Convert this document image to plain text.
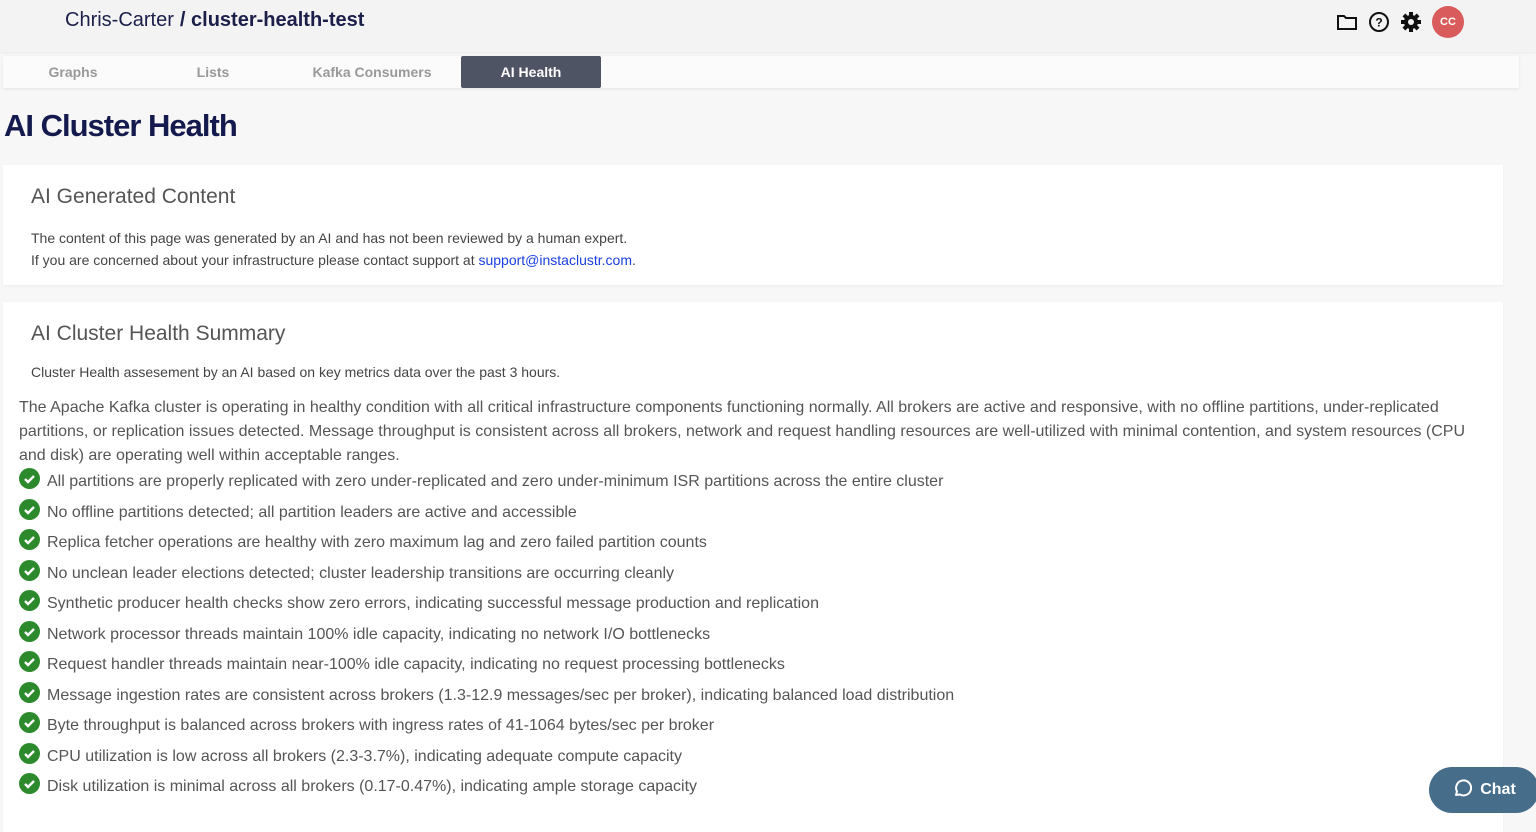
Chris-Carter / cluster-health-test	?	CC
Graphs	Lists	Kafka Consumers	AI Health
AI Cluster Health
AI Generated Content

The content of this page was generated by an AI and has not been reviewed by a human expert.

If you are concerned about your infrastructure please contact support at support@instaclustr.com.

AI Cluster Health Summary
Cluster Health assesement by an AI based on key metrics data over the past 3 hours.
The Apache Kafka cluster is operating in healthy condition with all critical infrastructure components functioning normally. All brokers are active and responsive, with no offline partitions, under-replicated partitions, or replication issues detected. Message throughput is consistent across all brokers, network and request handling resources are well-utilized with minimal contention, and system resources (CPU and disk) are operating well within acceptable ranges.
All partitions are properly replicated with zero under-replicated and zero under-minimum ISR partitions across the entire cluster
No offline partitions detected; all partition leaders are active and accessible
Replica fetcher operations are healthy with zero maximum lag and zero failed partition counts
No unclean leader elections detected; cluster leadership transitions are occurring cleanly
Synthetic producer health checks show zero errors, indicating successful message production and replication
Network processor threads maintain 100% idle capacity, indicating no network I/O bottlenecks
Request handler threads maintain near-100% idle capacity, indicating no request processing bottlenecks
Message ingestion rates are consistent across brokers (1.3-12.9 messages/sec per broker), indicating balanced load distribution
Byte throughput is balanced across brokers with ingress rates of 41-1064 bytes/sec per broker
CPU utilization is low across all brokers (2.3-3.7%), indicating adequate compute capacity
Disk utilization is minimal across all brokers (0.17-0.47%), indicating ample storage capacity	Chat
